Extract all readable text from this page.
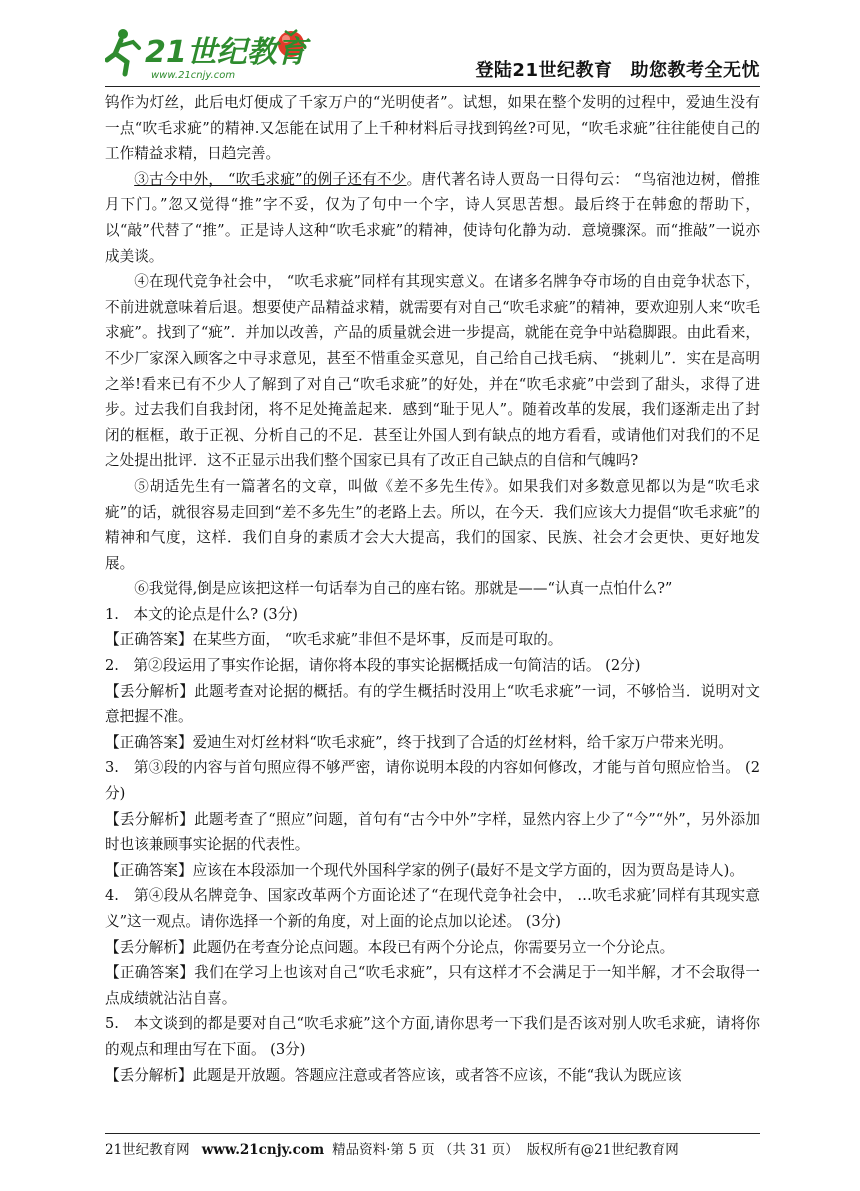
21世纪教育
www.21cnjy.com	登陆21世纪教育 助您教考全无忧

钨作为灯丝，此后电灯便成了千家万户的“光明使者”。试想，如果在整个发明的过程中，爱迪生没有一点“吹毛求疵”的精神.又怎能在试用了上千种材料后寻找到钨丝?可见，“吹毛求疵”往往能使自己的工作精益求精，日趋完善。

③古今中外， “吹毛求疵”的例子还有不少。唐代著名诗人贾岛一日得句云： “鸟宿池边树，僧推月下门。”忽又觉得“推”字不妥，仅为了句中一个字，诗人冥思苦想。最后终于在韩愈的帮助下，以“敲”代替了“推”。正是诗人这种“吹毛求疵”的精神，使诗句化静为动．意境骤深。而“推敲”一说亦成美谈。

④在现代竞争社会中， “吹毛求疵”同样有其现实意义。在诸多名牌争夺市场的自由竞争状态下，不前进就意味着后退。想要使产品精益求精，就需要有对自己“吹毛求疵”的精神，要欢迎别人来“吹毛求疵”。找到了“疵”．并加以改善，产品的质量就会进一步提高，就能在竞争中站稳脚跟。由此看来，不少厂家深入顾客之中寻求意见，甚至不惜重金买意见，自己给自己找毛病、 “挑刺儿”．实在是高明之举!看来已有不少人了解到了对自己“吹毛求疵”的好处，并在“吹毛求疵”中尝到了甜头，求得了进步。过去我们自我封闭，将不足处掩盖起来．感到“耻于见人”。随着改革的发展，我们逐渐走出了封闭的框框，敢于正视、分析自己的不足．甚至让外国人到有缺点的地方看看，或请他们对我们的不足之处提出批评．这不正显示出我们整个国家已具有了改正自己缺点的自信和气魄吗?

⑤胡适先生有一篇著名的文章，叫做《差不多先生传》。如果我们对多数意见都以为是“吹毛求疵”的话，就很容易走回到“差不多先生”的老路上去。所以，在今天．我们应该大力提倡“吹毛求疵”的精神和气度，这样．我们自身的素质才会大大提高，我们的国家、民族、社会才会更快、更好地发展。

⑥我觉得,倒是应该把这样一句话奉为自己的座右铭。那就是——“认真一点怕什么?”

1.　本文的论点是什么? (3分)

【正确答案】在某些方面， “吹毛求疵”非但不是坏事，反而是可取的。

2.　第②段运用了事实作论据，请你将本段的事实论据概括成一句简洁的话。 (2分)

【丢分解析】此题考查对论据的概括。有的学生概括时没用上“吹毛求疵”一词，不够恰当．说明对文意把握不准。

【正确答案】爱迪生对灯丝材料“吹毛求疵”，终于找到了合适的灯丝材料，给千家万户带来光明。

3.　第③段的内容与首句照应得不够严密，请你说明本段的内容如何修改，才能与首句照应恰当。 (2分)

【丢分解析】此题考查了“照应”问题，首句有“古今中外”字样，显然内容上少了“今”“外”，另外添加时也该兼顾事实论据的代表性。

【正确答案】应该在本段添加一个现代外国科学家的例子(最好不是文学方面的，因为贾岛是诗人)。

4.　第④段从名牌竞争、国家改革两个方面论述了“在现代竞争社会中， …吹毛求疵’同样有其现实意义”这一观点。请你选择一个新的角度，对上面的论点加以论述。 (3分)

【丢分解析】此题仍在考查分论点问题。本段已有两个分论点，你需要另立一个分论点。

【正确答案】我们在学习上也该对自己“吹毛求疵”，只有这样才不会满足于一知半解，才不会取得一点成绩就沾沾自喜。

5.　本文谈到的都是要对自己“吹毛求疵”这个方面,请你思考一下我们是否该对别人吹毛求疵，请将你的观点和理由写在下面。 (3分)

【丢分解析】此题是开放题。答题应注意或者答应该，或者答不应该，不能“我认为既应该

21世纪教育网 www.21cnjy.com 精品资料·第 5 页 （共 31 页） 版权所有@21世纪教育网
